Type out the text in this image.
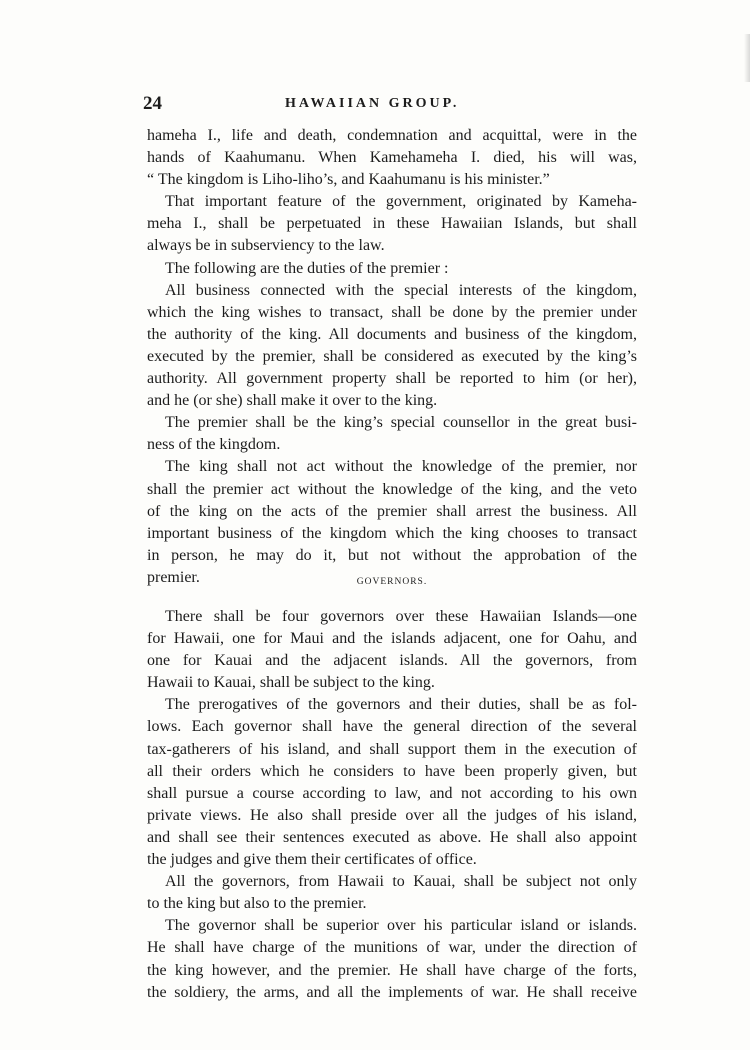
24	HAWAIIAN GROUP.
hameha I., life and death, condemnation and acquittal, were in the
hands of Kaahumanu. When Kamehameha I. died, his will was,
“ The kingdom is Liho-liho’s, and Kaahumanu is his minister.”
That important feature of the government, originated by Kameha-
meha I., shall be perpetuated in these Hawaiian Islands, but shall
always be in subserviency to the law.
The following are the duties of the premier :
All business connected with the special interests of the kingdom,
which the king wishes to transact, shall be done by the premier under
the authority of the king. All documents and business of the kingdom,
executed by the premier, shall be considered as executed by the king’s
authority. All government property shall be reported to him (or her),
and he (or she) shall make it over to the king.
The premier shall be the king’s special counsellor in the great busi-
ness of the kingdom.
The king shall not act without the knowledge of the premier, nor
shall the premier act without the knowledge of the king, and the veto
of the king on the acts of the premier shall arrest the business. All
important business of the kingdom which the king chooses to transact
in person, he may do it, but not without the approbation of the
premier.	GOVERNORS.
There shall be four governors over these Hawaiian Islands—one
for Hawaii, one for Maui and the islands adjacent, one for Oahu, and
one for Kauai and the adjacent islands. All the governors, from
Hawaii to Kauai, shall be subject to the king.
The prerogatives of the governors and their duties, shall be as fol-
lows. Each governor shall have the general direction of the several
tax-gatherers of his island, and shall support them in the execution of
all their orders which he considers to have been properly given, but
shall pursue a course according to law, and not according to his own
private views. He also shall preside over all the judges of his island,
and shall see their sentences executed as above. He shall also appoint
the judges and give them their certificates of office.
All the governors, from Hawaii to Kauai, shall be subject not only
to the king but also to the premier.
The governor shall be superior over his particular island or islands.
He shall have charge of the munitions of war, under the direction of
the king however, and the premier. He shall have charge of the forts,
the soldiery, the arms, and all the implements of war. He shall receive
